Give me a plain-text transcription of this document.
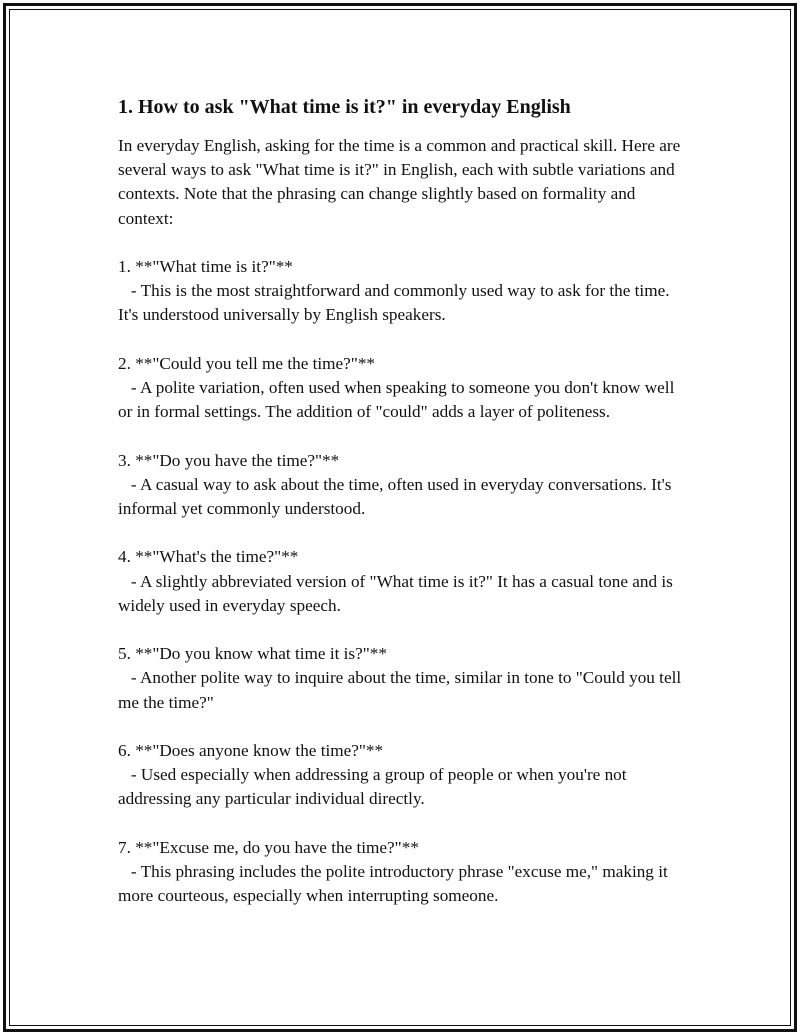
1. How to ask "What time is it?" in everyday English

In everyday English, asking for the time is a common and practical skill. Here are several ways to ask "What time is it?" in English, each with subtle variations and contexts. Note that the phrasing can change slightly based on formality and context:

1. **"What time is it?"**

- This is the most straightforward and commonly used way to ask for the time. It's understood universally by English speakers.

2. **"Could you tell me the time?"**

- A polite variation, often used when speaking to someone you don't know well or in formal settings. The addition of "could" adds a layer of politeness.

3. **"Do you have the time?"**

- A casual way to ask about the time, often used in everyday conversations. It's informal yet commonly understood.

4. **"What's the time?"**

- A slightly abbreviated version of "What time is it?" It has a casual tone and is widely used in everyday speech.

5. **"Do you know what time it is?"**

- Another polite way to inquire about the time, similar in tone to "Could you tell me the time?"

6. **"Does anyone know the time?"**

- Used especially when addressing a group of people or when you're not addressing any particular individual directly.

7. **"Excuse me, do you have the time?"**

- This phrasing includes the polite introductory phrase "excuse me," making it more courteous, especially when interrupting someone.
